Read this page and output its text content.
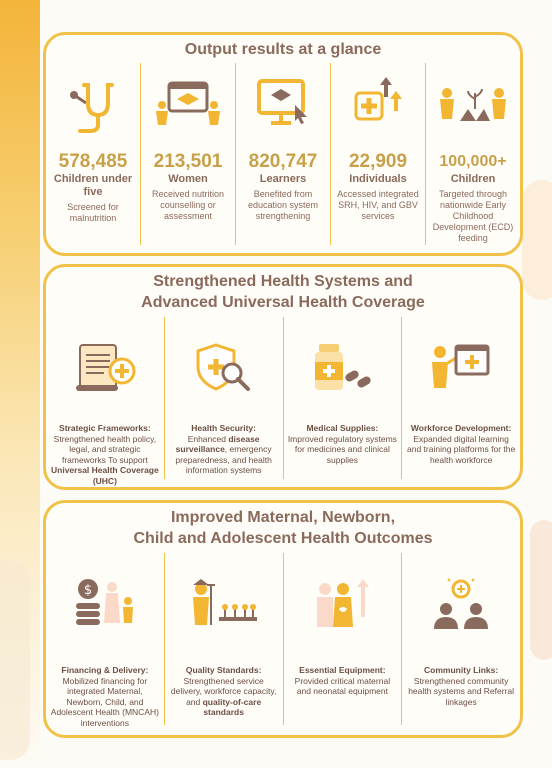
Output results at a glance
578,485
Children under five
Screened for malnutrition
213,501
Women
Received nutrition counselling or assessment
820,747
Learners
Benefited from education system strengthening
22,909
Individuals
Accessed integrated SRH, HIV, and GBV services
100,000+
Children
Targeted through nationwide Early Childhood Development (ECD) feeding
Strengthened Health Systems and
Advanced Universal Health Coverage
Strategic Frameworks:
Strengthened health policy, legal, and strategic frameworks To support Universal Health Coverage (UHC)
Health Security:
Enhanced disease surveillance, emergency preparedness, and health information systems
Medical Supplies:
Improved regulatory systems for medicines and clinical supplies
Workforce Development:
Expanded digital learning and training platforms for the health workforce
Improved Maternal, Newborn,
Child and Adolescent Health Outcomes
$
Financing & Delivery:
Mobilized financing for integrated Maternal, Newborn, Child, and Adolescent Health (MNCAH) interventions
Quality Standards:
Strengthened service delivery, workforce capacity, and quality-of-care standards
Essential Equipment:
Provided critical maternal and neonatal equipment
Community Links:
Strengthened community health systems and Referral linkages
